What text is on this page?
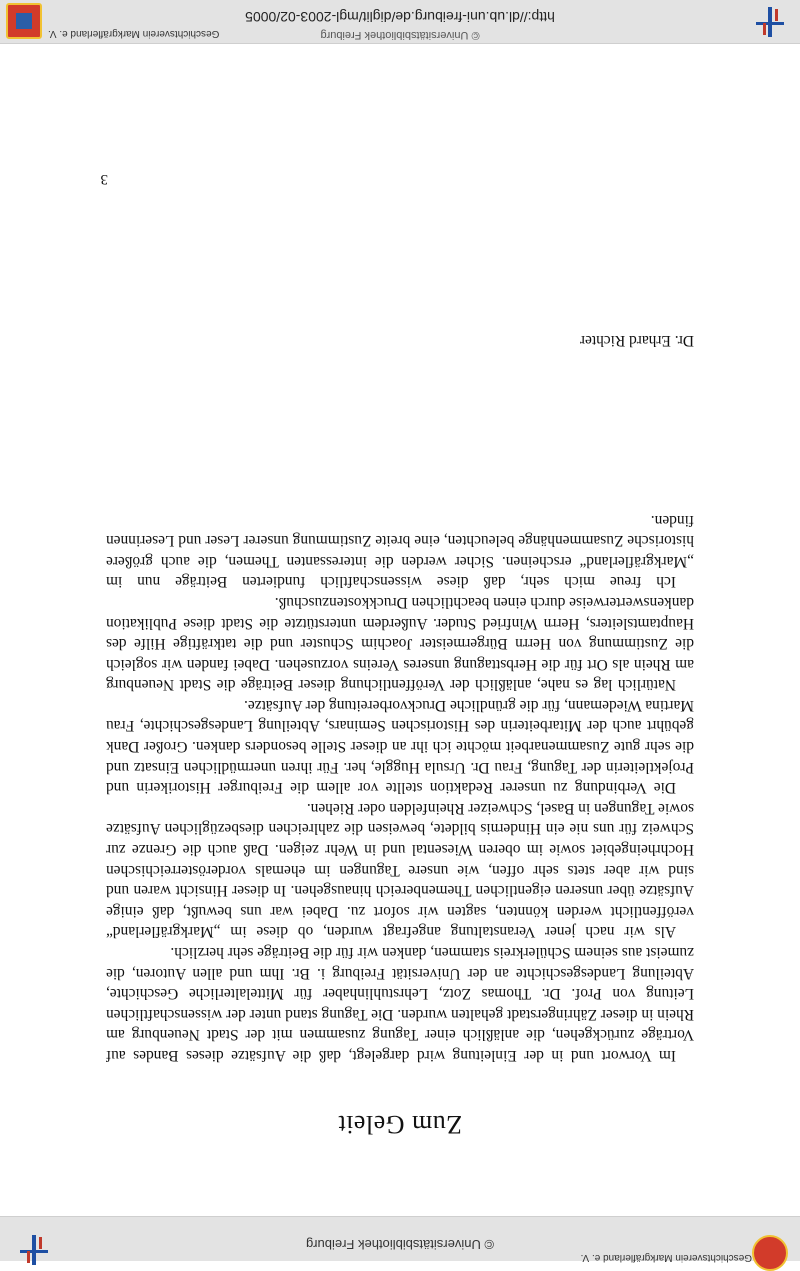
Geschichtsverein Markgräflerland e. V.
© Universitätsbibliothek Freiburg
Zum Geleit

Im Vorwort und in der Einleitung wird dargelegt, daß die Aufsätze dieses Bandes auf Vorträge zurückgehen, die anläßlich einer Tagung zusammen mit der Stadt Neuenburg am Rhein in dieser Zähringerstadt gehalten wurden. Die Tagung stand unter der wissenschaftlichen Leitung von Prof. Dr. Thomas Zotz, Lehrstuhlinhaber für Mittelalterliche Geschichte, Abteilung Landesgeschichte an der Universität Freiburg i. Br. Ihm und allen Autoren, die zumeist aus seinem Schülerkreis stammen, danken wir für die Beiträge sehr herzlich.

Als wir nach jener Veranstaltung angefragt wurden, ob diese im „Markgräflerland“ veröffentlicht werden könnten, sagten wir sofort zu. Dabei war uns bewußt, daß einige Aufsätze über unseren eigentlichen Themenbereich hinausgehen. In dieser Hinsicht waren und sind wir aber stets sehr offen, wie unsere Tagungen im ehemals vorderösterreichischen Hochrheingebiet sowie im oberen Wiesental und in Wehr zeigen. Daß auch die Grenze zur Schweiz für uns nie ein Hindernis bildete, beweisen die zahlreichen diesbezüglichen Aufsätze sowie Tagungen in Basel, Schweizer Rheinfelden oder Riehen.

Die Verbindung zu unserer Redaktion stellte vor allem die Freiburger Historikerin und Projektleiterin der Tagung, Frau Dr. Ursula Huggle, her. Für ihren unermüdlichen Einsatz und die sehr gute Zusammenarbeit möchte ich ihr an dieser Stelle besonders danken. Großer Dank gebührt auch der Mitarbeiterin des Historischen Seminars, Abteilung Landesgeschichte, Frau Martina Wiedemann, für die gründliche Druckvorbereitung der Aufsätze.

Natürlich lag es nahe, anläßlich der Veröffentlichung dieser Beiträge die Stadt Neuenburg am Rhein als Ort für die Herbsttagung unseres Vereins vorzusehen. Dabei fanden wir sogleich die Zustimmung von Herrn Bürgermeister Joachim Schuster und die tatkräftige Hilfe des Hauptamtsleiters, Herrn Winfried Studer. Außerdem unterstützte die Stadt diese Publikation dankenswerterweise durch einen beachtlichen Druckkostenzuschuß.

Ich freue mich sehr, daß diese wissenschaftlich fundierten Beiträge nun im „Markgräflerland“ erscheinen. Sicher werden die interessanten Themen, die auch größere historische Zusammenhänge beleuchten, eine breite Zustimmung unserer Leser und Leserinnen finden.

Dr. Erhard Richter
3
© Universitätsbibliothek Freiburg
http://dl.ub.uni-freiburg.de/diglit/mgl-2003-02/0005
Geschichtsverein Markgräflerland e. V.
